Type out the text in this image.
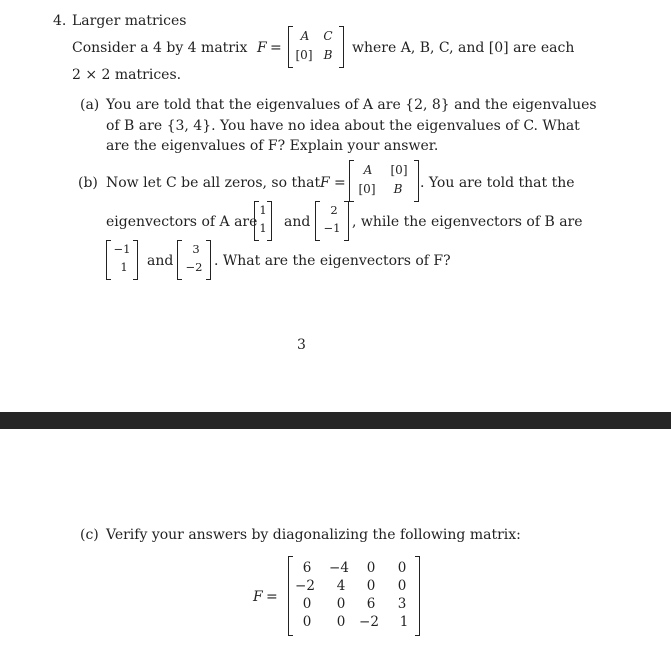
4. Larger matrices
Consider a 4 by 4 matrix F =
A C
[0] B where A, B, C, and [0] are each
2 × 2 matrices.
(a) You are told that the eigenvalues of A are {2, 8} and the eigenvalues
of B are {3, 4}. You have no idea about the eigenvalues of C. What
are the eigenvalues of F? Explain your answer.
(b) Now let C be all zeros, so that F =
A [0]
[0] B . You are told that the
eigenvectors of A are
1
1 and
2
−1 , while the eigenvectors of B are
−1
1	and
3
−2 . What are the eigenvectors of F?
3
(c) Verify your answers by diagonalizing the following matrix:
F =
6	−4	0	0
−2	4	0	0
0	0	6	3
0	0	−2	1
